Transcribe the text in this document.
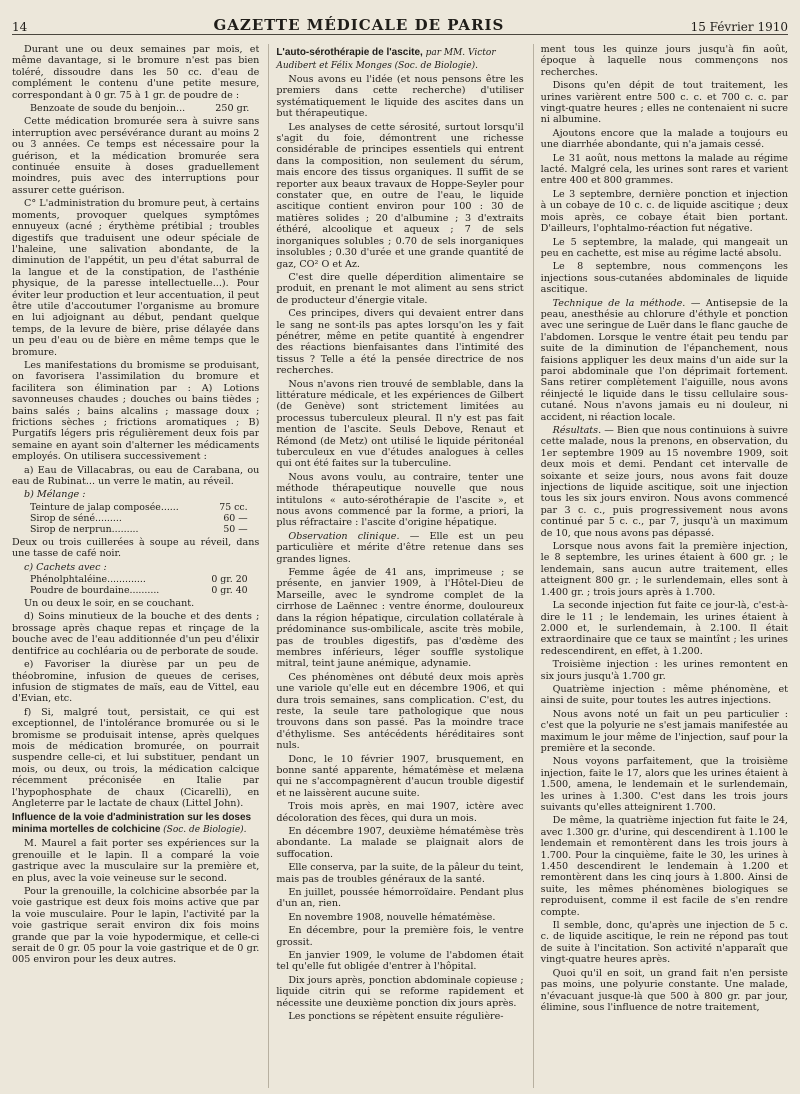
14	GAZETTE MÉDICALE DE PARIS	15 Février 1910

Durant une ou deux semaines par mois, et même davantage, si le bromure n'est pas bien toléré, dissoudre dans les 50 cc. d'eau de complément le contenu d'une petite mesure, correspondant à 0 gr. 75 à 1 gr. de poudre de :

Benzoate de soude du benjoin...	250 gr.

Cette médication bromurée sera à suivre sans interruption avec persévérance durant au moins 2 ou 3 années. Ce temps est nécessaire pour la guérison, et la médication bromurée sera continuée ensuite à doses graduellement moindres, puis avec des interruptions pour assurer cette guérison.

C° L'administration du bromure peut, à certains moments, provoquer quelques symptômes ennuyeux (acné ; érythème prétibial ; troubles digestifs que traduisent une odeur spéciale de l'haleine, une salivation abondante, de la diminution de l'appétit, un peu d'état saburral de la langue et de la constipation, de l'asthénie physique, de la paresse intellectuelle...). Pour éviter leur production et leur accentuation, il peut être utile d'accoutumer l'organisme au bromure en lui adjoignant au début, pendant quelque temps, de la levure de bière, prise délayée dans un peu d'eau ou de bière en même temps que le bromure.

Les manifestations du bromisme se produisant, on favorisera l'assimilation du bromure et facilitera son élimination par : A) Lotions savonneuses chaudes ; douches ou bains tièdes ; bains salés ; bains alcalins ; massage doux ; frictions sèches ; frictions aromatiques ; B) Purgatifs légers pris régulièrement deux fois par semaine en ayant soin d'alterner les médicaments employés. On utilisera successivement :

a) Eau de Villacabras, ou eau de Carabana, ou eau de Rubinat... un verre le matin, au réveil.

b) Mélange :
Teinture de jalap composée......	75 cc.
Sirop de séné.........	60 —
Sirop de nerprun.........	50 —

Deux ou trois cuillerées à soupe au réveil, dans une tasse de café noir.

c) Cachets avec :
Phénolphtaléine.............	0 gr. 20
Poudre de bourdaine..........	0 gr. 40

Un ou deux le soir, en se couchant.

d) Soins minutieux de la bouche et des dents ; brossage après chaque repas et rinçage de la bouche avec de l'eau additionnée d'un peu d'élixir dentifrice au cochléaria ou de perborate de soude.

e) Favoriser la diurèse par un peu de théobromine, infusion de queues de cerises, infusion de stigmates de maïs, eau de Vittel, eau d'Evian, etc.

f) Si, malgré tout, persistait, ce qui est exceptionnel, de l'intolérance bromurée ou si le bromisme se produisait intense, après quelques mois de médication bromurée, on pourrait suspendre celle-ci, et lui substituer, pendant un mois, ou deux, ou trois, la médication calcique récemment préconisée en Italie par l'hypophosphate de chaux (Cicarelli), en Angleterre par le lactate de chaux (Littel John).

Influence de la voie d'administration sur les doses minima mortelles de colchicine (Soc. de Biologie).

M. Maurel a fait porter ses expériences sur la grenouille et le lapin. Il a comparé la voie gastrique avec la musculaire sur la première et, en plus, avec la voie veineuse sur le second.

Pour la grenouille, la colchicine absorbée par la voie gastrique est deux fois moins active que par la voie musculaire. Pour le lapin, l'activité par la voie gastrique serait environ dix fois moins grande que par la voie hypodermique, et celle-ci serait de 0 gr. 05 pour la voie gastrique et de 0 gr. 005 environ pour les deux autres.

L'auto-sérothérapie de l'ascite, par MM. Victor Audibert et Félix Monges (Soc. de Biologie).

Nous avons eu l'idée (et nous pensons être les premiers dans cette recherche) d'utiliser systématiquement le liquide des ascites dans un but thérapeutique.

Les analyses de cette sérosité, surtout lorsqu'il s'agit du foie, démontrent une richesse considérable de principes essentiels qui entrent dans la composition, non seulement du sérum, mais encore des tissus organiques. Il suffit de se reporter aux beaux travaux de Hoppe-Seyler pour constater que, en outre de l'eau, le liquide ascitique contient environ pour 100 : 30 de matières solides ; 20 d'albumine ; 3 d'extraits éthéré, alcoolique et aqueux ; 7 de sels inorganiques solubles ; 0.70 de sels inorganiques insolubles ; 0.30 d'urée et une grande quantité de gaz, CO² O et Az.

C'est dire quelle déperdition alimentaire se produit, en prenant le mot aliment au sens strict de producteur d'énergie vitale.

Ces principes, divers qui devaient entrer dans le sang ne sont-ils pas aptes lorsqu'on les y fait pénétrer, même en petite quantité à engendrer des réactions bienfaisantes dans l'intimité des tissus ? Telle a été la pensée directrice de nos recherches.

Nous n'avons rien trouvé de semblable, dans la littérature médicale, et les expériences de Gilbert (de Genève) sont strictement limitées au processus tuberculeux pleural. Il n'y est pas fait mention de l'ascite. Seuls Debove, Renaut et Rémond (de Metz) ont utilisé le liquide péritonéal tuberculeux en vue d'études analogues à celles qui ont été faites sur la tuberculine.

Nous avons voulu, au contraire, tenter une méthode thérapeutique nouvelle que nous intitulons « auto-sérothérapie de l'ascite », et nous avons commencé par la forme, a priori, la plus réfractaire : l'ascite d'origine hépatique.

Observation clinique. — Elle est un peu particulière et mérite d'être retenue dans ses grandes lignes.

Femme âgée de 41 ans, imprimeuse ; se présente, en janvier 1909, à l'Hôtel-Dieu de Marseille, avec le syndrome complet de la cirrhose de Laënnec : ventre énorme, douloureux dans la région hépatique, circulation collatérale à prédominance sus-ombilicale, ascite très mobile, pas de troubles digestifs, pas d'œdème des membres inférieurs, léger souffle systolique mitral, teint jaune anémique, adynamie.

Ces phénomènes ont débuté deux mois après une variole qu'elle eut en décembre 1906, et qui dura trois semaines, sans complication. C'est, du reste, la seule tare pathologique que nous trouvons dans son passé. Pas la moindre trace d'éthylisme. Ses antécédents héréditaires sont nuls.

Donc, le 10 février 1907, brusquement, en bonne santé apparente, hématémèse et melæna qui ne s'accompagnèrent d'aucun trouble digestif et ne laissèrent aucune suite.

Trois mois après, en mai 1907, ictère avec décoloration des fèces, qui dura un mois.

En décembre 1907, deuxième hématémèse très abondante. La malade se plaignait alors de suffocation.

Elle conserva, par la suite, de la pâleur du teint, mais pas de troubles généraux de la santé.

En juillet, poussée hémorroïdaire. Pendant plus d'un an, rien.

En novembre 1908, nouvelle hématémèse.

En décembre, pour la première fois, le ventre grossit.

En janvier 1909, le volume de l'abdomen était tel qu'elle fut obligée d'entrer à l'hôpital.

Dix jours après, ponction abdominale copieuse ; liquide citrin qui se reforme rapidement et nécessite une deuxième ponction dix jours après.

Les ponctions se répètent ensuite régulière-

ment tous les quinze jours jusqu'à fin août, époque à laquelle nous commençons nos recherches.

Disons qu'en dépit de tout traitement, les urines varièrent entre 500 c. c. et 700 c. c. par vingt-quatre heures ; elles ne contenaient ni sucre ni albumine.

Ajoutons encore que la malade a toujours eu une diarrhée abondante, qui n'a jamais cessé.

Le 31 août, nous mettons la malade au régime lacté. Malgré cela, les urines sont rares et varient entre 400 et 800 grammes.

Le 3 septembre, dernière ponction et injection à un cobaye de 10 c. c. de liquide ascitique ; deux mois après, ce cobaye était bien portant. D'ailleurs, l'ophtalmo-réaction fut négative.

Le 5 septembre, la malade, qui mangeait un peu en cachette, est mise au régime lacté absolu.

Le 8 septembre, nous commençons les injections sous-cutanées abdominales de liquide ascitique.

Technique de la méthode. — Antisepsie de la peau, anesthésie au chlorure d'éthyle et ponction avec une seringue de Luër dans le flanc gauche de l'abdomen. Lorsque le ventre était peu tendu par suite de la diminution de l'épanchement, nous faisions appliquer les deux mains d'un aide sur la paroi abdominale que l'on déprimait fortement. Sans retirer complètement l'aiguille, nous avons réinjecté le liquide dans le tissu cellulaire sous-cutané. Nous n'avons jamais eu ni douleur, ni accident, ni réaction locale.

Résultats. — Bien que nous continuions à suivre cette malade, nous la prenons, en observation, du 1er septembre 1909 au 15 novembre 1909, soit deux mois et demi. Pendant cet intervalle de soixante et seize jours, nous avons fait douze injections de liquide ascitique, soit une injection tous les six jours environ. Nous avons commencé par 3 c. c., puis progressivement nous avons continué par 5 c. c., par 7, jusqu'à un maximum de 10, que nous avons pas dépassé.

Lorsque nous avons fait la première injection, le 8 septembre, les urines étaient à 600 gr. ; le lendemain, sans aucun autre traitement, elles atteignent 800 gr. ; le surlendemain, elles sont à 1.400 gr. ; trois jours après à 1.700.

La seconde injection fut faite ce jour-là, c'est-à-dire le 11 ; le lendemain, les urines étaient à 2.000 et, le surlendemain, à 2.100. Il était extraordinaire que ce taux se maintînt ; les urines redescendirent, en effet, à 1.200.

Troisième injection : les urines remontent en six jours jusqu'à 1.700 gr.

Quatrième injection : même phénomène, et ainsi de suite, pour toutes les autres injections.

Nous avons noté un fait un peu particulier : c'est que la polyurie ne s'est jamais manifestée au maximum le jour même de l'injection, sauf pour la première et la seconde.

Nous voyons parfaitement, que la troisième injection, faite le 17, alors que les urines étaient à 1.500, amena, le lendemain et le surlendemain, les urines à 1.300. C'est dans les trois jours suivants qu'elles atteignirent 1.700.

De même, la quatrième injection fut faite le 24, avec 1.300 gr. d'urine, qui descendirent à 1.100 le lendemain et remontèrent dans les trois jours à 1.700. Pour la cinquième, faite le 30, les urines à 1.450 descendirent le lendemain à 1.200 et remontèrent dans les cinq jours à 1.800. Ainsi de suite, les mêmes phénomènes biologiques se reproduisent, comme il est facile de s'en rendre compte.

Il semble, donc, qu'après une injection de 5 c. c. de liquide ascitique, le rein ne répond pas tout de suite à l'incitation. Son activité n'apparaît que vingt-quatre heures après.

Quoi qu'il en soit, un grand fait n'en persiste pas moins, une polyurie constante. Une malade, n'évacuant jusque-là que 500 à 800 gr. par jour, élimine, sous l'influence de notre traitement,
